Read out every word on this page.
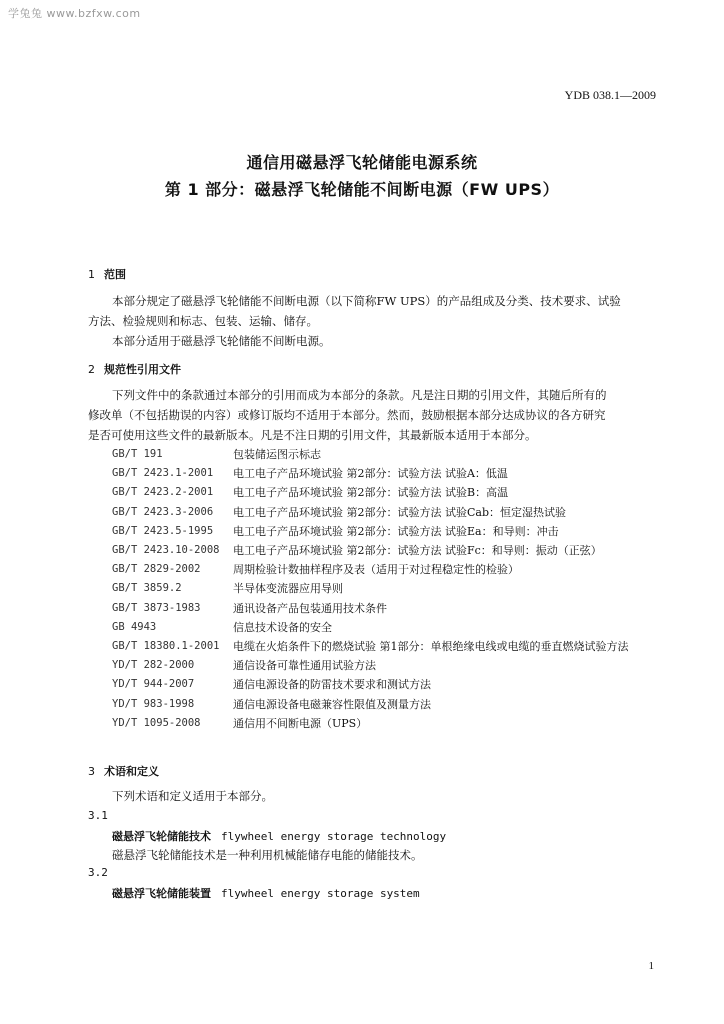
学兔兔 www.bzfxw.com
YDB 038.1—2009
通信用磁悬浮飞轮储能电源系统
第 1 部分：磁悬浮飞轮储能不间断电源（FW UPS）
1 范围
本部分规定了磁悬浮飞轮储能不间断电源（以下简称FW UPS）的产品组成及分类、技术要求、试验
方法、检验规则和标志、包装、运输、储存。
本部分适用于磁悬浮飞轮储能不间断电源。
2 规范性引用文件
下列文件中的条款通过本部分的引用而成为本部分的条款。凡是注日期的引用文件，其随后所有的
修改单（不包括勘误的内容）或修订版均不适用于本部分。然而，鼓励根据本部分达成协议的各方研究
是否可使用这些文件的最新版本。凡是不注日期的引用文件，其最新版本适用于本部分。
GB/T 191	包装储运图示标志
GB/T 2423.1-2001	电工电子产品环境试验 第2部分：试验方法 试验A：低温
GB/T 2423.2-2001	电工电子产品环境试验 第2部分：试验方法 试验B：高温
GB/T 2423.3-2006	电工电子产品环境试验 第2部分：试验方法 试验Cab：恒定湿热试验
GB/T 2423.5-1995	电工电子产品环境试验 第2部分：试验方法 试验Ea：和导则：冲击
GB/T 2423.10-2008	电工电子产品环境试验 第2部分：试验方法 试验Fc：和导则：振动（正弦）
GB/T 2829-2002	周期检验计数抽样程序及表（适用于对过程稳定性的检验）
GB/T 3859.2	半导体变流器应用导则
GB/T 3873-1983	通讯设备产品包装通用技术条件
GB 4943	信息技术设备的安全
GB/T 18380.1-2001	电缆在火焰条件下的燃烧试验 第1部分：单根绝缘电线或电缆的垂直燃烧试验方法
YD/T 282-2000	通信设备可靠性通用试验方法
YD/T 944-2007	通信电源设备的防雷技术要求和测试方法
YD/T 983-1998	通信电源设备电磁兼容性限值及测量方法
YD/T 1095-2008	通信用不间断电源（UPS）
3 术语和定义
下列术语和定义适用于本部分。
3.1
磁悬浮飞轮储能技术 flywheel energy storage technology
磁悬浮飞轮储能技术是一种利用机械能储存电能的储能技术。
3.2
磁悬浮飞轮储能装置 flywheel energy storage system
1
